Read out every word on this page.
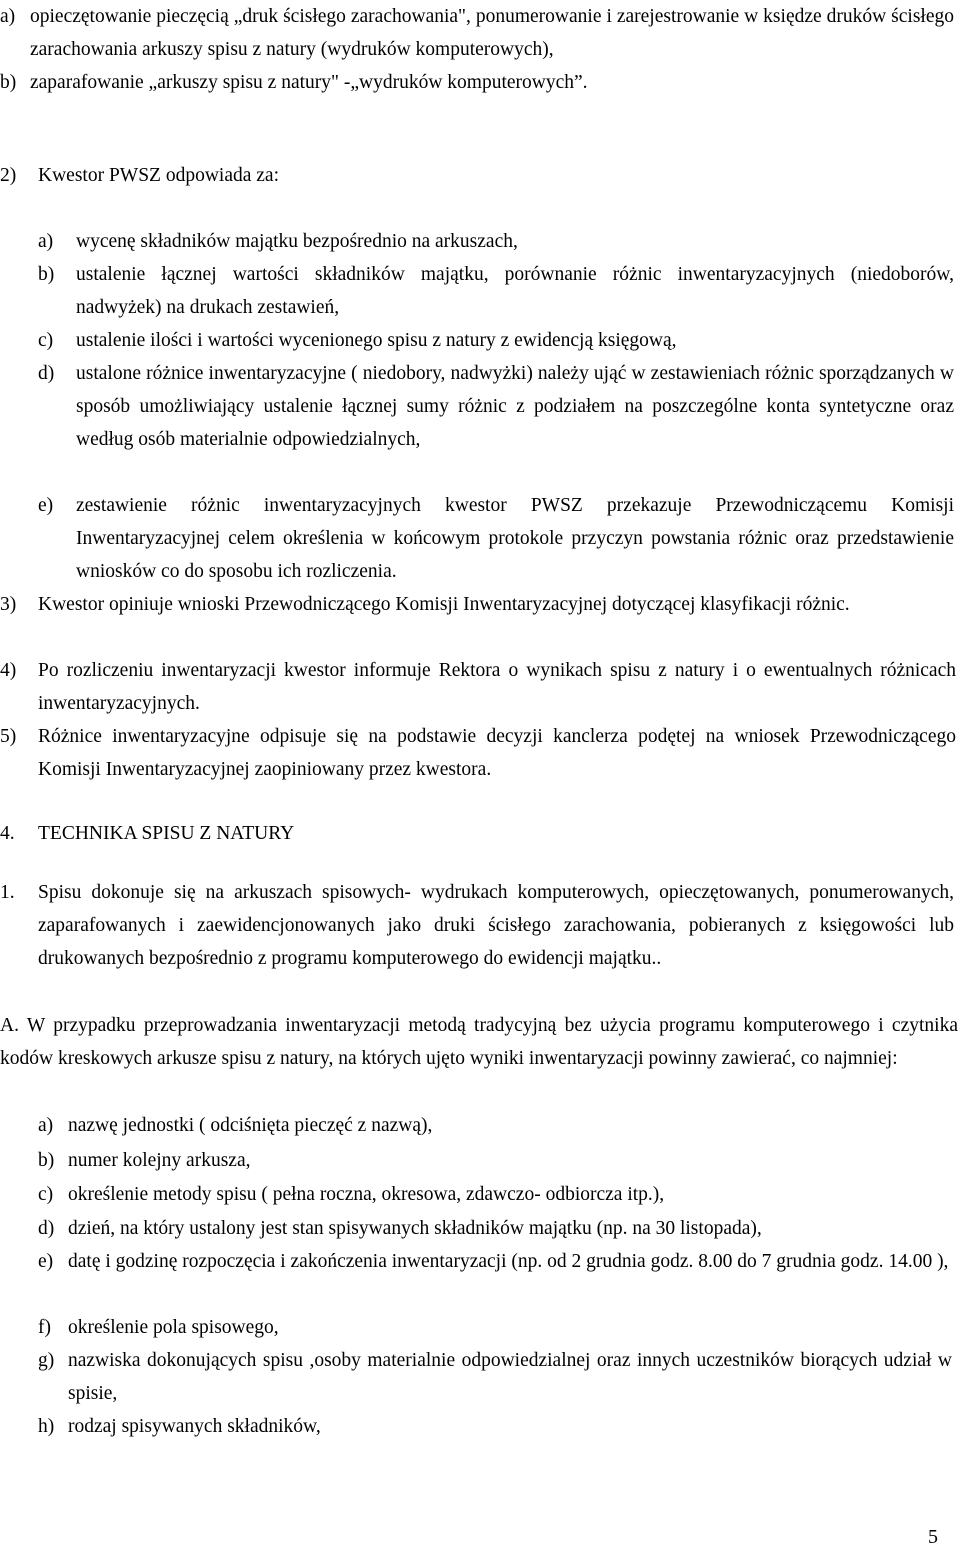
a) opieczętowanie pieczęcią „druk ścisłego zarachowania", ponumerowanie i zarejestrowanie w księdze druków ścisłego zarachowania arkuszy spisu z natury (wydruków komputerowych),
b) zaparafowanie „arkuszy spisu z natury" -„wydruków komputerowych”.
2)	Kwestor PWSZ odpowiada za:
a)	wycenę składników majątku bezpośrednio na arkuszach,
b)	ustalenie łącznej wartości składników majątku, porównanie różnic inwentaryzacyjnych (niedoborów, nadwyżek) na drukach zestawień,
c)	ustalenie ilości i wartości wycenionego spisu z natury z ewidencją księgową,
d)	ustalone różnice inwentaryzacyjne ( niedobory, nadwyżki) należy ująć w zestawieniach różnic sporządzanych w sposób umożliwiający ustalenie łącznej sumy różnic z podziałem na poszczególne konta syntetyczne oraz według osób materialnie odpowiedzialnych,
e)	zestawienie różnic inwentaryzacyjnych kwestor PWSZ przekazuje Przewodniczącemu Komisji Inwentaryzacyjnej celem określenia w końcowym protokole przyczyn powstania różnic oraz przedstawienie wniosków co do sposobu ich rozliczenia.
3)	Kwestor opiniuje wnioski Przewodniczącego Komisji Inwentaryzacyjnej dotyczącej klasyfikacji różnic.
4)	Po rozliczeniu inwentaryzacji kwestor informuje Rektora o wynikach spisu z natury i o ewentualnych różnicach inwentaryzacyjnych.
5)	Różnice inwentaryzacyjne odpisuje się na podstawie decyzji kanclerza podętej na wniosek Przewodniczącego Komisji Inwentaryzacyjnej zaopiniowany przez kwestora.
4.	TECHNIKA SPISU Z NATURY
1.	Spisu dokonuje się na arkuszach spisowych- wydrukach komputerowych, opieczętowanych, ponumerowanych, zaparafowanych i zaewidencjonowanych jako druki ścisłego zarachowania, pobieranych z księgowości lub drukowanych bezpośrednio z programu komputerowego do ewidencji majątku..
A. W przypadku przeprowadzania inwentaryzacji metodą tradycyjną bez użycia programu komputerowego i czytnika kodów kreskowych arkusze spisu z natury, na których ujęto wyniki inwentaryzacji powinny zawierać, co najmniej:
a) nazwę jednostki ( odciśnięta pieczęć z nazwą),
b) numer kolejny arkusza,
c) określenie metody spisu ( pełna roczna, okresowa, zdawczo- odbiorcza itp.),
d) dzień, na który ustalony jest stan spisywanych składników majątku (np. na 30 listopada),
e) datę i godzinę rozpoczęcia i zakończenia inwentaryzacji (np. od 2 grudnia godz. 8.00 do 7 grudnia godz. 14.00 ),
f) określenie pola spisowego,
g) nazwiska dokonujących spisu ,osoby materialnie odpowiedzialnej oraz innych uczestników biorących udział w spisie,
h) rodzaj spisywanych składników,
5
